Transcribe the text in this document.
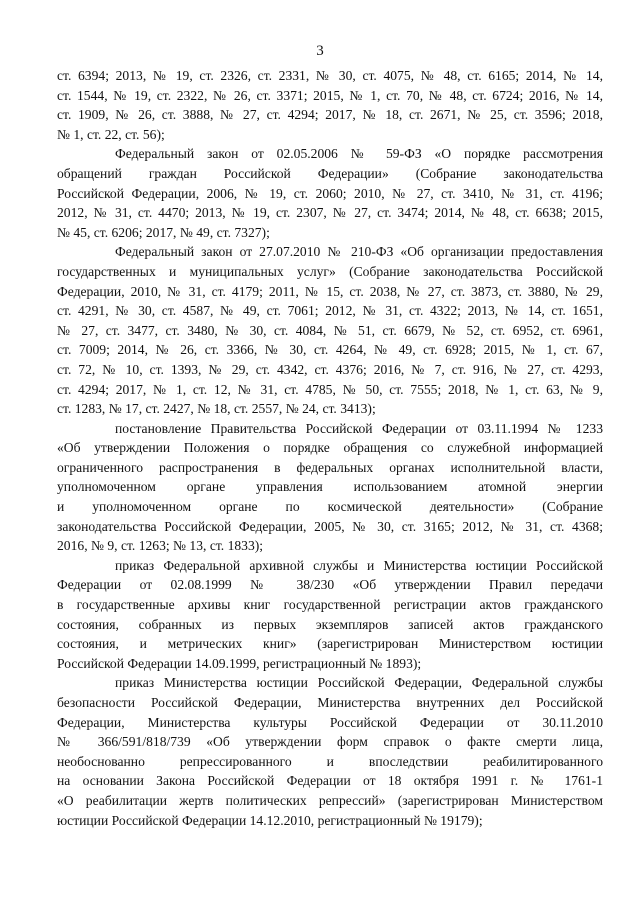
3
ст. 6394; 2013, № 19, ст. 2326, ст. 2331, № 30, ст. 4075, № 48, ст. 6165; 2014, № 14,
ст. 1544, № 19, ст. 2322, № 26, ст. 3371; 2015, № 1, ст. 70, № 48, ст. 6724; 2016, № 14,
ст. 1909, № 26, ст. 3888, № 27, ст. 4294; 2017, № 18, ст. 2671, № 25, ст. 3596; 2018,
№ 1, ст. 22, ст. 56);
Федеральный закон от 02.05.2006 № 59-ФЗ «О порядке рассмотрения
обращений граждан Российской Федерации» (Собрание законодательства
Российской Федерации, 2006, № 19, ст. 2060; 2010, № 27, ст. 3410, № 31, ст. 4196;
2012, № 31, ст. 4470; 2013, № 19, ст. 2307, № 27, ст. 3474; 2014, № 48, ст. 6638; 2015,
№ 45, ст. 6206; 2017, № 49, ст. 7327);
Федеральный закон от 27.07.2010 № 210-ФЗ «Об организации предоставления
государственных и муниципальных услуг» (Собрание законодательства Российской
Федерации, 2010, № 31, ст. 4179; 2011, № 15, ст. 2038, № 27, ст. 3873, ст. 3880, № 29,
ст. 4291, № 30, ст. 4587, № 49, ст. 7061; 2012, № 31, ст. 4322; 2013, № 14, ст. 1651,
№ 27, ст. 3477, ст. 3480, № 30, ст. 4084, № 51, ст. 6679, № 52, ст. 6952, ст. 6961,
ст. 7009; 2014, № 26, ст. 3366, № 30, ст. 4264, № 49, ст. 6928; 2015, № 1, ст. 67,
ст. 72, № 10, ст. 1393, № 29, ст. 4342, ст. 4376; 2016, № 7, ст. 916, № 27, ст. 4293,
ст. 4294; 2017, № 1, ст. 12, № 31, ст. 4785, № 50, ст. 7555; 2018, № 1, ст. 63, № 9,
ст. 1283, № 17, ст. 2427, № 18, ст. 2557, № 24, ст. 3413);
постановление Правительства Российской Федерации от 03.11.1994 № 1233
«Об утверждении Положения о порядке обращения со служебной информацией
ограниченного распространения в федеральных органах исполнительной власти,
уполномоченном органе управления использованием атомной энергии
и уполномоченном органе по космической деятельности» (Собрание
законодательства Российской Федерации, 2005, № 30, ст. 3165; 2012, № 31, ст. 4368;
2016, № 9, ст. 1263; № 13, ст. 1833);
приказ Федеральной архивной службы и Министерства юстиции Российской
Федерации от 02.08.1999 № 38/230 «Об утверждении Правил передачи
в государственные архивы книг государственной регистрации актов гражданского
состояния, собранных из первых экземпляров записей актов гражданского
состояния, и метрических книг» (зарегистрирован Министерством юстиции
Российской Федерации 14.09.1999, регистрационный № 1893);
приказ Министерства юстиции Российской Федерации, Федеральной службы
безопасности Российской Федерации, Министерства внутренних дел Российской
Федерации, Министерства культуры Российской Федерации от 30.11.2010
№ 366/591/818/739 «Об утверждении форм справок о факте смерти лица,
необоснованно репрессированного и впоследствии реабилитированного
на основании Закона Российской Федерации от 18 октября 1991 г. № 1761-1
«О реабилитации жертв политических репрессий» (зарегистрирован Министерством
юстиции Российской Федерации 14.12.2010, регистрационный № 19179);
